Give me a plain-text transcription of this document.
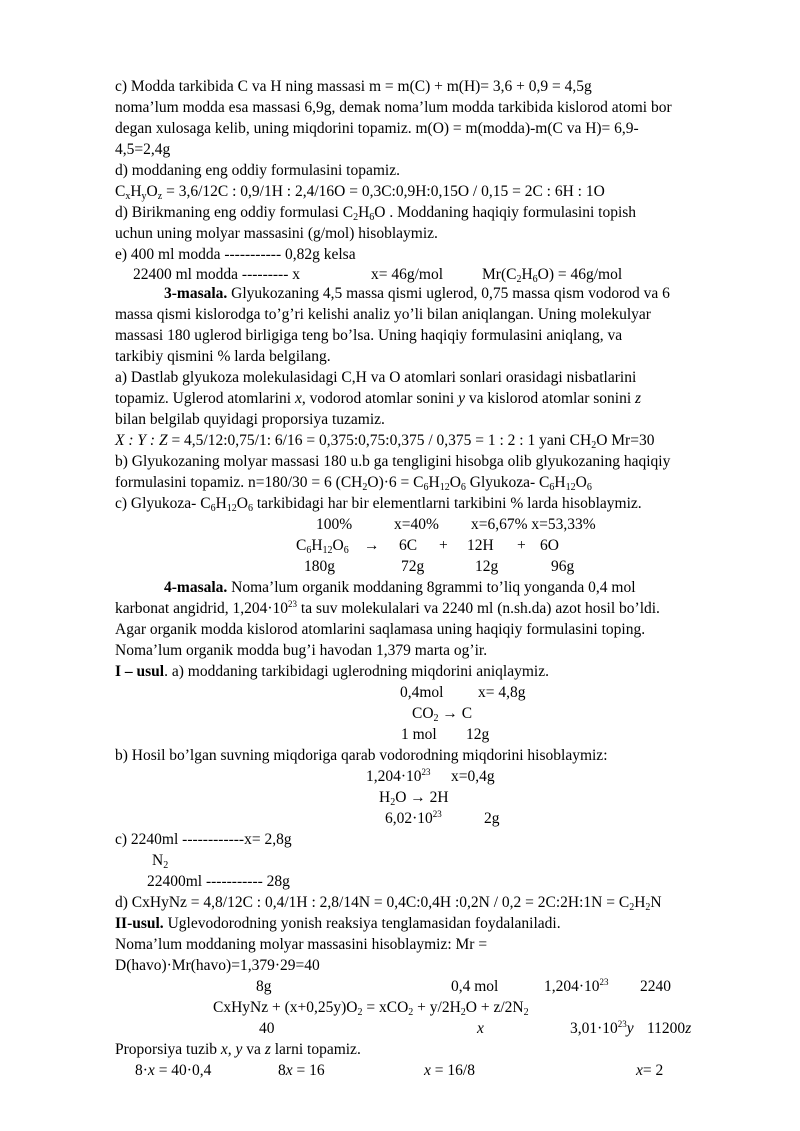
c) Modda tarkibida C va H ning massasi m = m(C) + m(H)= 3,6 + 0,9 = 4,5g
noma’lum modda esa massasi 6,9g, demak noma’lum modda tarkibida kislorod atomi bor
degan xulosaga kelib, uning miqdorini topamiz. m(O) = m(modda)-m(C va H)= 6,9-
4,5=2,4g
d) moddaning eng oddiy formulasini topamiz.
$C_xH_yO_z = 3,6/12C$ : 0,9/1H : 2,4/16O = 0,3C:0,9H:0,15O / 0,15 = 2C : 6H : 1O
d) Birikmaning eng oddiy formulasi $C_2H_6O$ . Moddaning haqiqiy formulasini topish
uchun uning molyar massasini (g/mol) hisoblaymiz.
e) 400 ml modda ----------- 0,82g kelsa
22400 ml modda --------- x	x= 46g/mol	$Mr(C_2H_6O) = 46g/mol$
3-masala. Glyukozaning 4,5 massa qismi uglerod, 0,75 massa qism vodorod va 6
massa qismi kislorodga to’g’ri kelishi analiz yo’li bilan aniqlangan. Uning molekulyar
massasi 180 uglerod birligiga teng bo’lsa. Uning haqiqiy formulasini aniqlang, va
tarkibiy qismini % larda belgilang.
a) Dastlab glyukoza molekulasidagi C,H va O atomlari sonlari orasidagi nisbatlarini
topamiz. Uglerod atomlarini x, vodorod atomlar sonini y va kislorod atomlar sonini z
bilan belgilab quyidagi proporsiya tuzamiz.
X : Y : Z = 4,5/12:0,75/1: 6/16 = 0,375:0,75:0,375 / 0,375 = 1 : 2 : 1 yani $CH_2O$ Mr=30
b) Glyukozaning molyar massasi 180 u.b ga tengligini hisobga olib glyukozaning haqiqiy
formulasini topamiz. n=180/30 = 6 $(CH_2O)\cdot 6 = C_6H_{12}O_6$ Glyukoza- $C_6H_{12}O_6$
c) Glyukoza- $C_6H_{12}O_6$ tarkibidagi har bir elementlarni tarkibini % larda hisoblaymiz.
100%	x=40% x=6,67% x=53,33%
$C_6H_{12}O_6 \to 6C + 12H + 6O$
180g	72g	12g	96g
4-masala. Noma’lum organik moddaning 8grammi to’liq yonganda 0,4 mol
karbonat angidrid, $1,204\cdot 10^{23}$ ta suv molekulalari va 2240 ml (n.sh.da) azot hosil bo’ldi.
Agar organik modda kislorod atomlarini saqlamasa uning haqiqiy formulasini toping.
Noma’lum organik modda bug’i havodan 1,379 marta og’ir.
I – usul. a) moddaning tarkibidagi uglerodning miqdorini aniqlaymiz.
0,4mol x= 4,8g
$CO_2 \to C$
1 mol 12g
b) Hosil bo’lgan suvning miqdoriga qarab vodorodning miqdorini hisoblaymiz:
$1,204\cdot 10^{23}$ x=0,4g
$H_2O \to 2H$
$6,02\cdot 10^{23}$	2g
c) 2240ml ------------x= 2,8g
$N_2$
22400ml ----------- 28g
d) CxHyNz = 4,8/12C : 0,4/1H : 2,8/14N = 0,4C:0,4H :0,2N / 0,2 = 2C:2H:1N = $C_2H_2N$
II-usul. Uglevodorodning yonish reaksiya tenglamasidan foydalaniladi.
Noma’lum moddaning molyar massasini hisoblaymiz: Mr =
D(havo)·Mr(havo)=1,379·29=40
8g	0,4 mol	$1,204\cdot 10^{23}$ 2240
CxHyNz + $(x+0,25y)O_2 = xCO_2 + y/2H_2O + z/2N_2$
40	x	$3,01\cdot 10^{23}y$ 11200z
Proporsiya tuzib x, y va z larni topamiz.
8·x = 40·0,4	8x = 16	x = 16/8	x= 2
